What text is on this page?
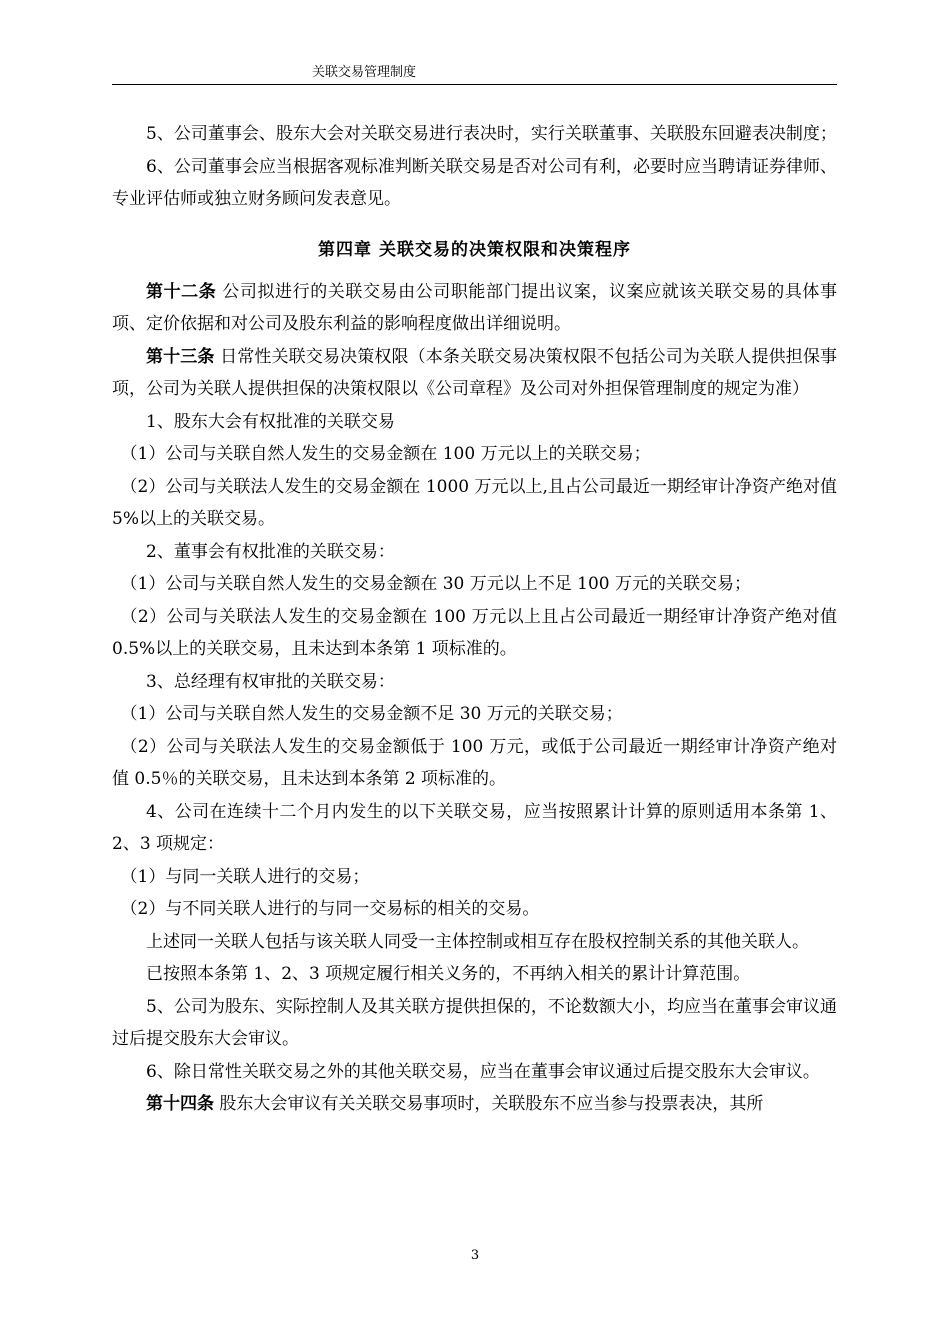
关联交易管理制度

5、公司董事会、股东大会对关联交易进行表决时，实行关联董事、关联股东回避表决制度；

6、公司董事会应当根据客观标准判断关联交易是否对公司有利，必要时应当聘请证券律师、专业评估师或独立财务顾问发表意见。

第四章 关联交易的决策权限和决策程序

第十二条 公司拟进行的关联交易由公司职能部门提出议案，议案应就该关联交易的具体事项、定价依据和对公司及股东利益的影响程度做出详细说明。

第十三条 日常性关联交易决策权限（本条关联交易决策权限不包括公司为关联人提供担保事项，公司为关联人提供担保的决策权限以《公司章程》及公司对外担保管理制度的规定为准）

1、股东大会有权批准的关联交易

（1）公司与关联自然人发生的交易金额在 100 万元以上的关联交易；

（2）公司与关联法人发生的交易金额在 1000 万元以上,且占公司最近一期经审计净资产绝对值 5%以上的关联交易。

2、董事会有权批准的关联交易：

（1）公司与关联自然人发生的交易金额在 30 万元以上不足 100 万元的关联交易；

（2）公司与关联法人发生的交易金额在 100 万元以上且占公司最近一期经审计净资产绝对值 0.5%以上的关联交易，且未达到本条第 1 项标准的。

3、总经理有权审批的关联交易：

（1）公司与关联自然人发生的交易金额不足 30 万元的关联交易；

（2）公司与关联法人发生的交易金额低于 100 万元，或低于公司最近一期经审计净资产绝对值 0.5％的关联交易，且未达到本条第 2 项标准的。

4、公司在连续十二个月内发生的以下关联交易，应当按照累计计算的原则适用本条第 1、2、3 项规定：

（1）与同一关联人进行的交易；

（2）与不同关联人进行的与同一交易标的相关的交易。

上述同一关联人包括与该关联人同受一主体控制或相互存在股权控制关系的其他关联人。

已按照本条第 1、2、3 项规定履行相关义务的，不再纳入相关的累计计算范围。

5、公司为股东、实际控制人及其关联方提供担保的，不论数额大小，均应当在董事会审议通过后提交股东大会审议。

6、除日常性关联交易之外的其他关联交易，应当在董事会审议通过后提交股东大会审议。

第十四条 股东大会审议有关关联交易事项时，关联股东不应当参与投票表决，其所

3
